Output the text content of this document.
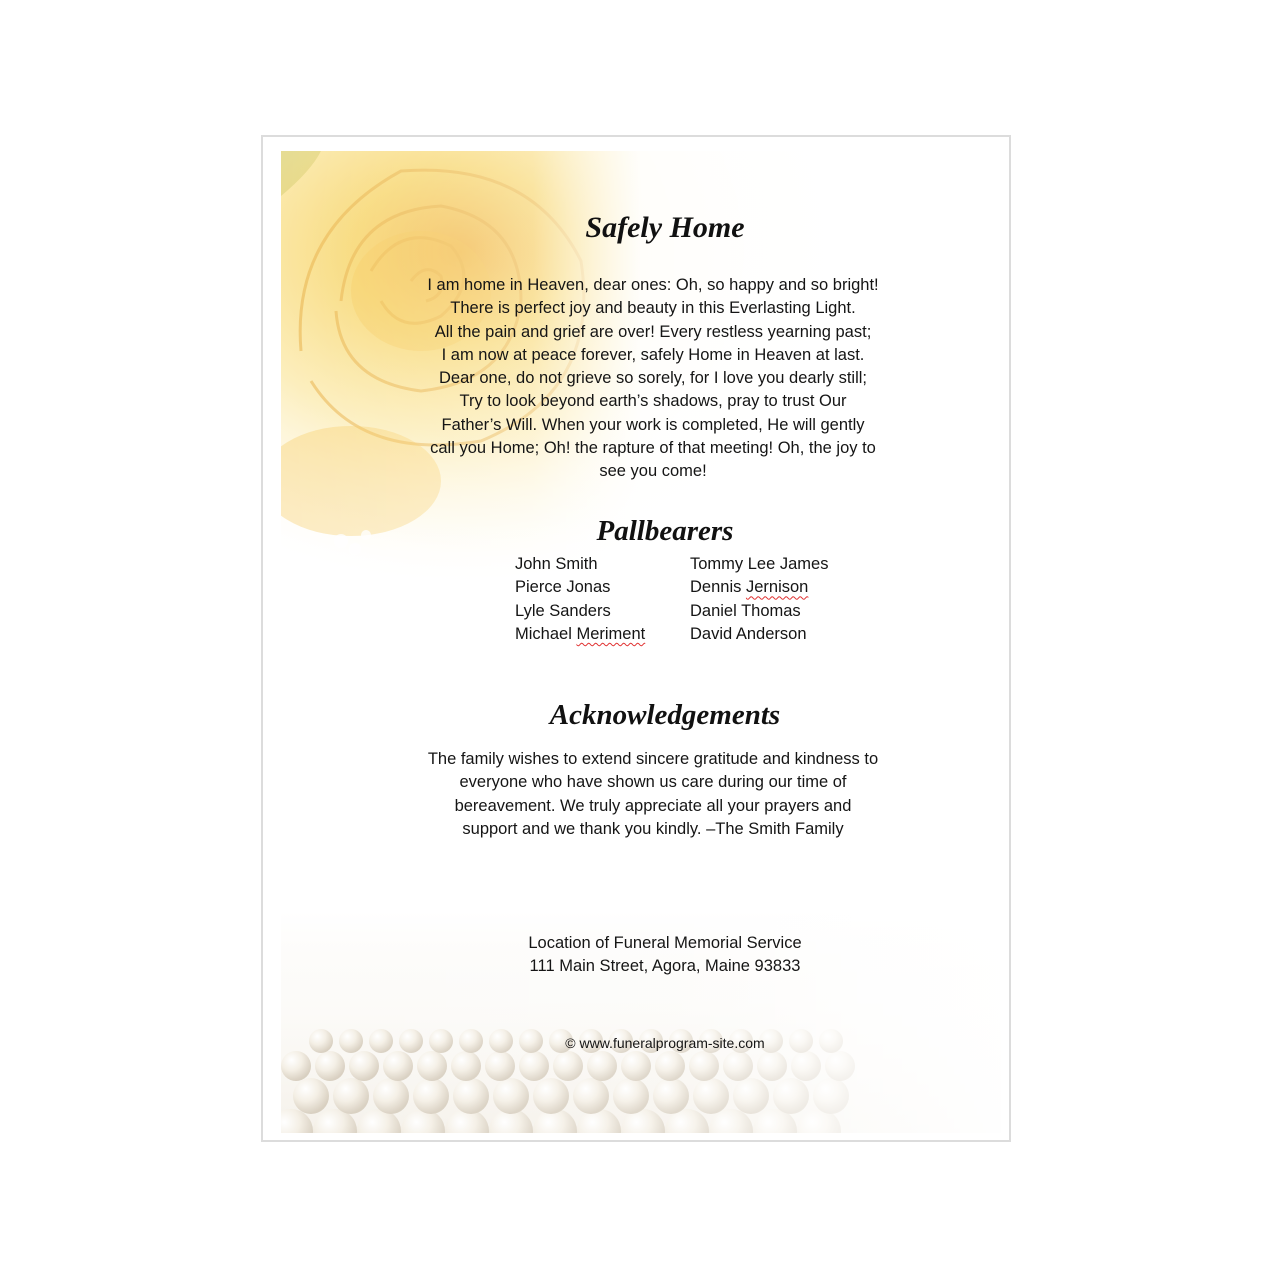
Safely Home
I am home in Heaven, dear ones: Oh, so happy and so bright!
There is perfect joy and beauty in this Everlasting Light.
All the pain and grief are over! Every restless yearning past;
I am now at peace forever, safely Home in Heaven at last.
Dear one, do not grieve so sorely, for I love you dearly still;
Try to look beyond earth’s shadows, pray to trust Our
Father’s Will. When your work is completed, He will gently
call you Home; Oh! the rapture of that meeting! Oh, the joy to
see you come!
Pallbearers
John Smith
Pierce Jonas
Lyle Sanders
Michael Meriment
Tommy Lee James
Dennis Jernison
Daniel Thomas
David Anderson
Acknowledgements
The family wishes to extend sincere gratitude and kindness to
everyone who have shown us care during our time of
bereavement. We truly appreciate all your prayers and
support and we thank you kindly. –The Smith Family
Location of Funeral Memorial Service
111 Main Street, Agora, Maine 93833
© www.funeralprogram-site.com
